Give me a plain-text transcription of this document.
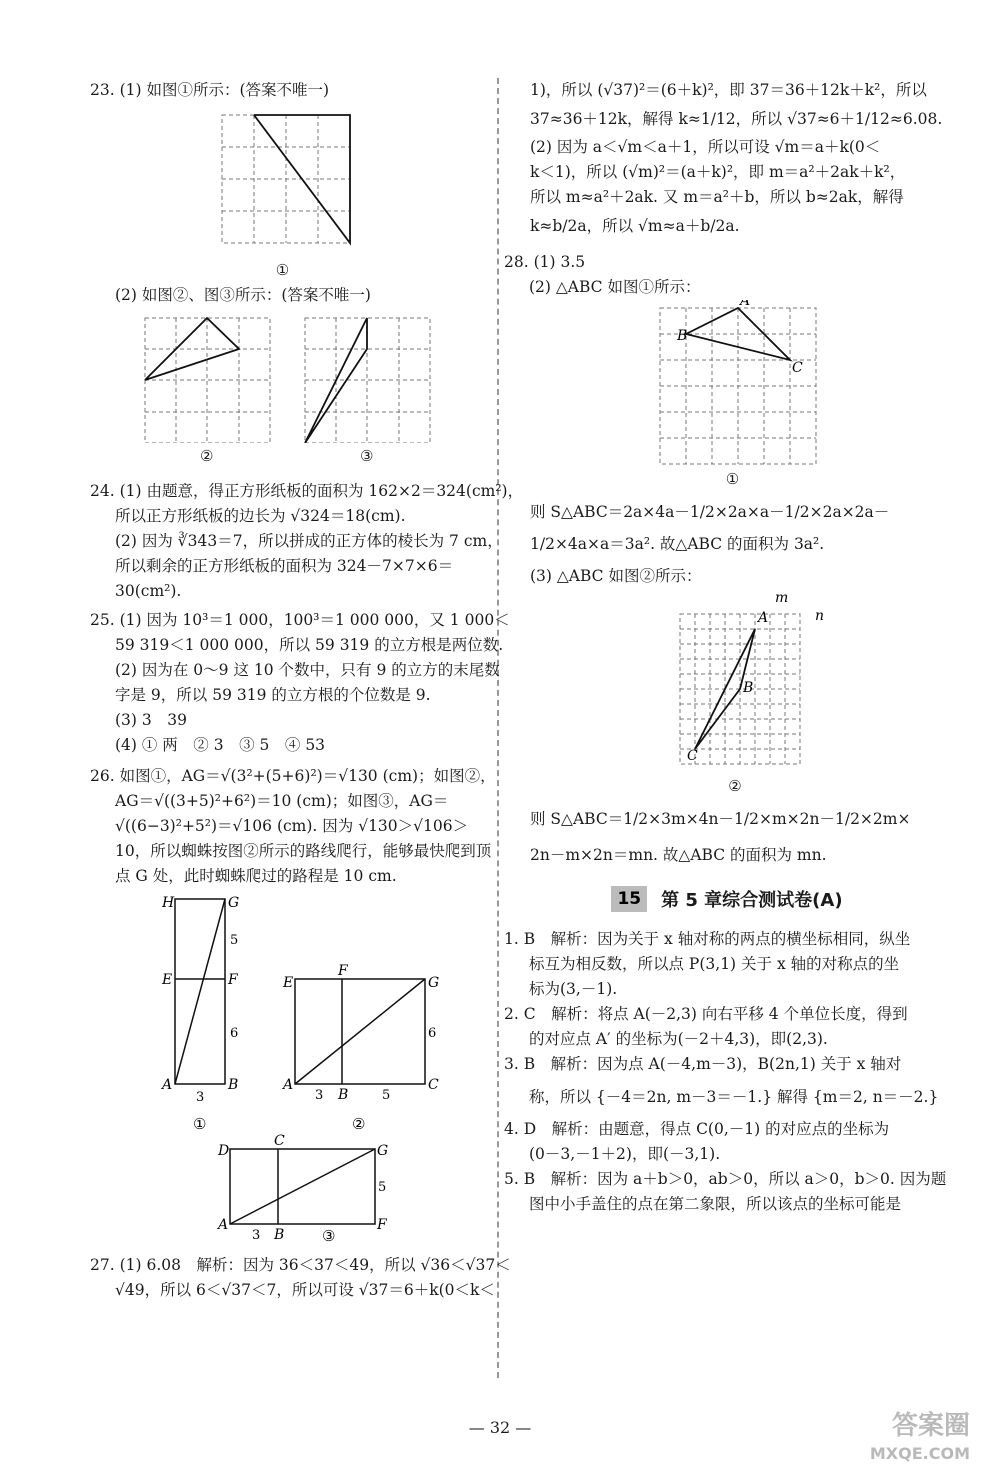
23. (1) 如图①所示：(答案不唯一)
①
(2) 如图②、图③所示：(答案不唯一)
②	③
24. (1) 由题意，得正方形纸板的面积为 162×2＝324(cm²)，
所以正方形纸板的边长为 √324＝18(cm).
(2) 因为 ∛343＝7，所以拼成的正方体的棱长为 7 cm，
所以剩余的正方形纸板的面积为 324－7×7×6＝
30(cm²).
25. (1) 因为 10³＝1 000，100³＝1 000 000，又 1 000＜
59 319＜1 000 000，所以 59 319 的立方根是两位数.
(2) 因为在 0～9 这 10 个数中，只有 9 的立方的末尾数
字是 9，所以 59 319 的立方根的个位数是 9.
(3) 3　39
(4) ① 两　② 3　③ 5　④ 53
26. 如图①，AG＝√(3²+(5+6)²)＝√130 (cm)；如图②，
AG＝√((3+5)²+6²)＝10 (cm)；如图③，AG＝
√((6−3)²+5²)＝√106 (cm). 因为 √130＞√106＞
10，所以蜘蛛按图②所示的路线爬行，能够最快爬到顶
点 G 处，此时蜘蛛爬过的路程是 10 cm.
H	G
E	F
A	B
5
6
3
①
E
F
G
A
B
C
6
3	5
②
D
C
G
A
B
F
5
3	③
27. (1) 6.08　解析：因为 36＜37＜49，所以 √36＜√37＜
√49，所以 6＜√37＜7，所以可设 √37＝6＋k(0＜k＜
1)，所以 (√37)²＝(6＋k)²，即 37＝36＋12k＋k²，所以
37≈36＋12k，解得 k≈1/12，所以 √37≈6＋1/12≈6.08.
(2) 因为 a＜√m＜a＋1，所以可设 √m＝a＋k(0＜
k＜1)，所以 (√m)²＝(a＋k)²，即 m＝a²＋2ak＋k²，
所以 m≈a²＋2ak. 又 m＝a²＋b，所以 b≈2ak，解得
k≈b/2a，所以 √m≈a＋b/2a.
28. (1) 3.5
(2) △ABC 如图①所示：
A
B
C
①
则 S△ABC＝2a×4a－1/2×2a×a－1/2×2a×2a－
1/2×4a×a＝3a². 故△ABC 的面积为 3a².
(3) △ABC 如图②所示：
A
B
C
m
n
②
则 S△ABC＝1/2×3m×4n－1/2×m×2n－1/2×2m×
2n－m×2n＝mn. 故△ABC 的面积为 mn.
15	第 5 章综合测试卷(A)
1. B　解析：因为关于 x 轴对称的两点的横坐标相同，纵坐
标互为相反数，所以点 P(3,1) 关于 x 轴的对称点的坐
标为(3,－1).
2. C　解析：将点 A(－2,3) 向右平移 4 个单位长度，得到
的对应点 A′ 的坐标为(－2＋4,3)，即(2,3).
3. B　解析：因为点 A(－4,m－3)，B(2n,1) 关于 x 轴对
称，所以 {－4＝2n, m－3＝－1.} 解得 {m＝2, n＝－2.}
4. D　解析：由题意，得点 C(0,－1) 的对应点的坐标为
(0－3,－1＋2)，即(－3,1).
5. B　解析：因为 a＋b＞0，ab＞0，所以 a＞0，b＞0. 因为题
图中小手盖住的点在第二象限，所以该点的坐标可能是
— 32 —	答案圈
MXQE.COM
